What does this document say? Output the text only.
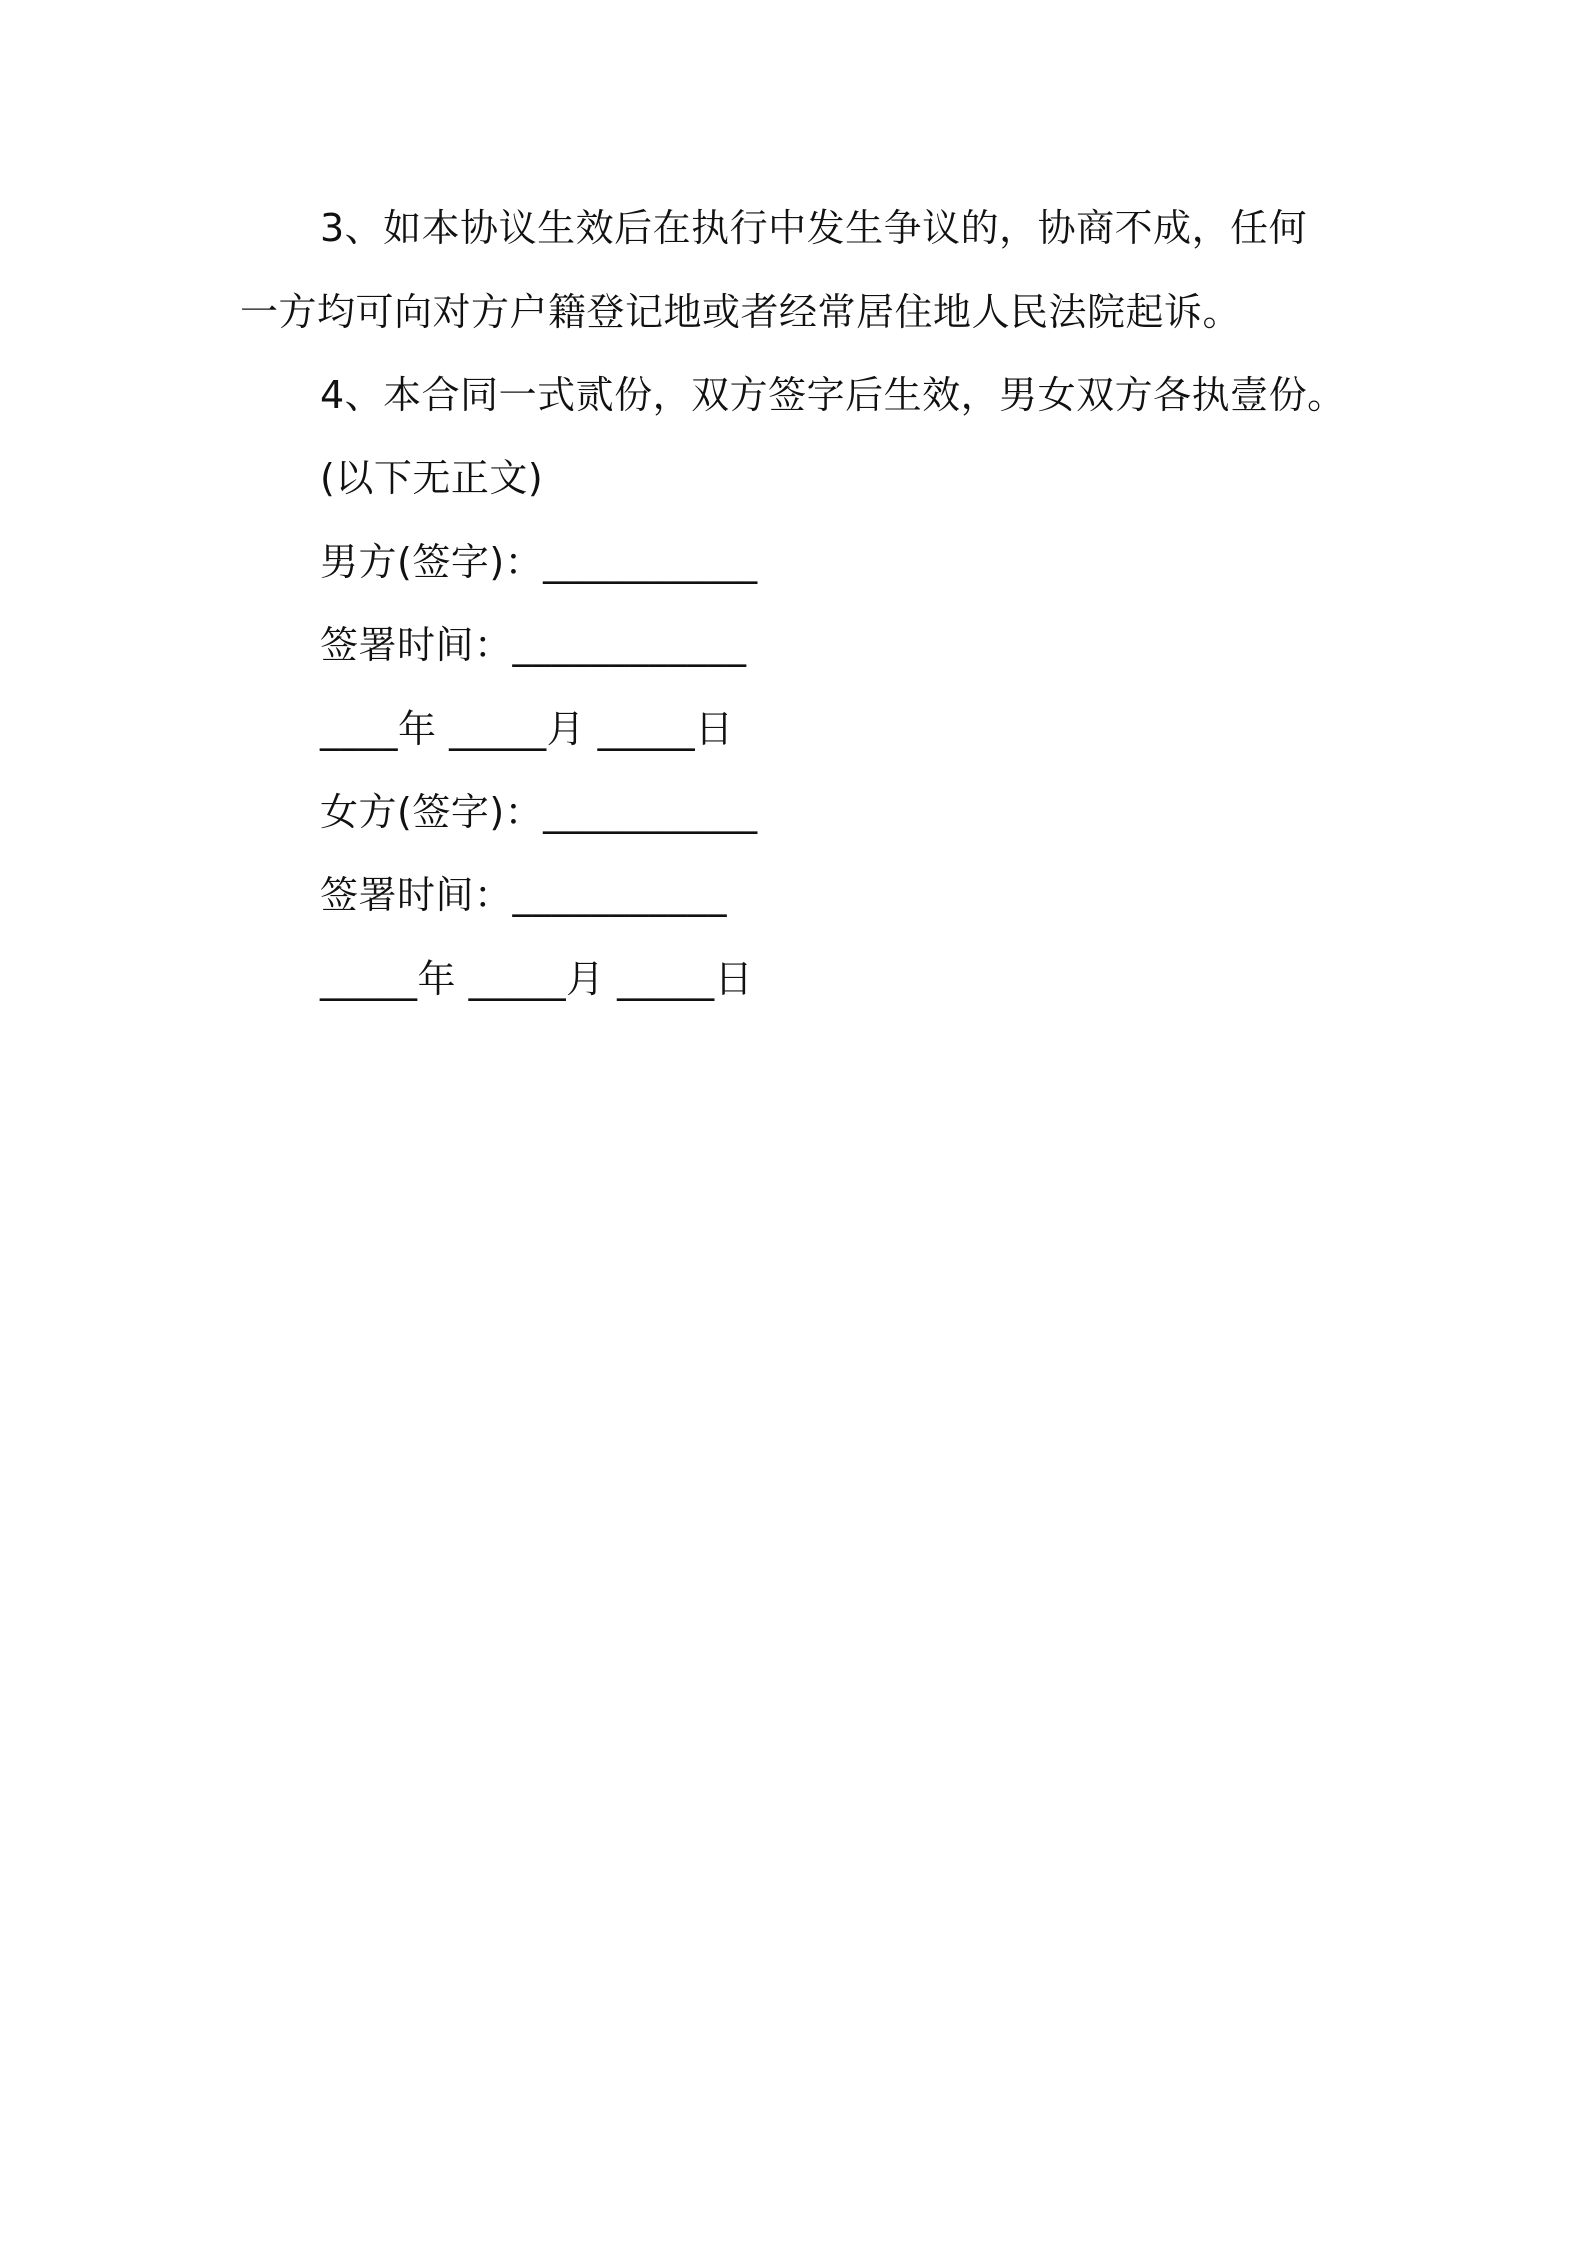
3、如本协议生效后在执行中发生争议的，协商不成，任何
一方均可向对方户籍登记地或者经常居住地人民法院起诉。
4、本合同一式贰份，双方签字后生效，男女双方各执壹份。
(以下无正文)
男方(签字)：___________
签署时间：____________
____年 _____月 _____日
女方(签字)：___________
签署时间：___________
_____年 _____月 _____日
